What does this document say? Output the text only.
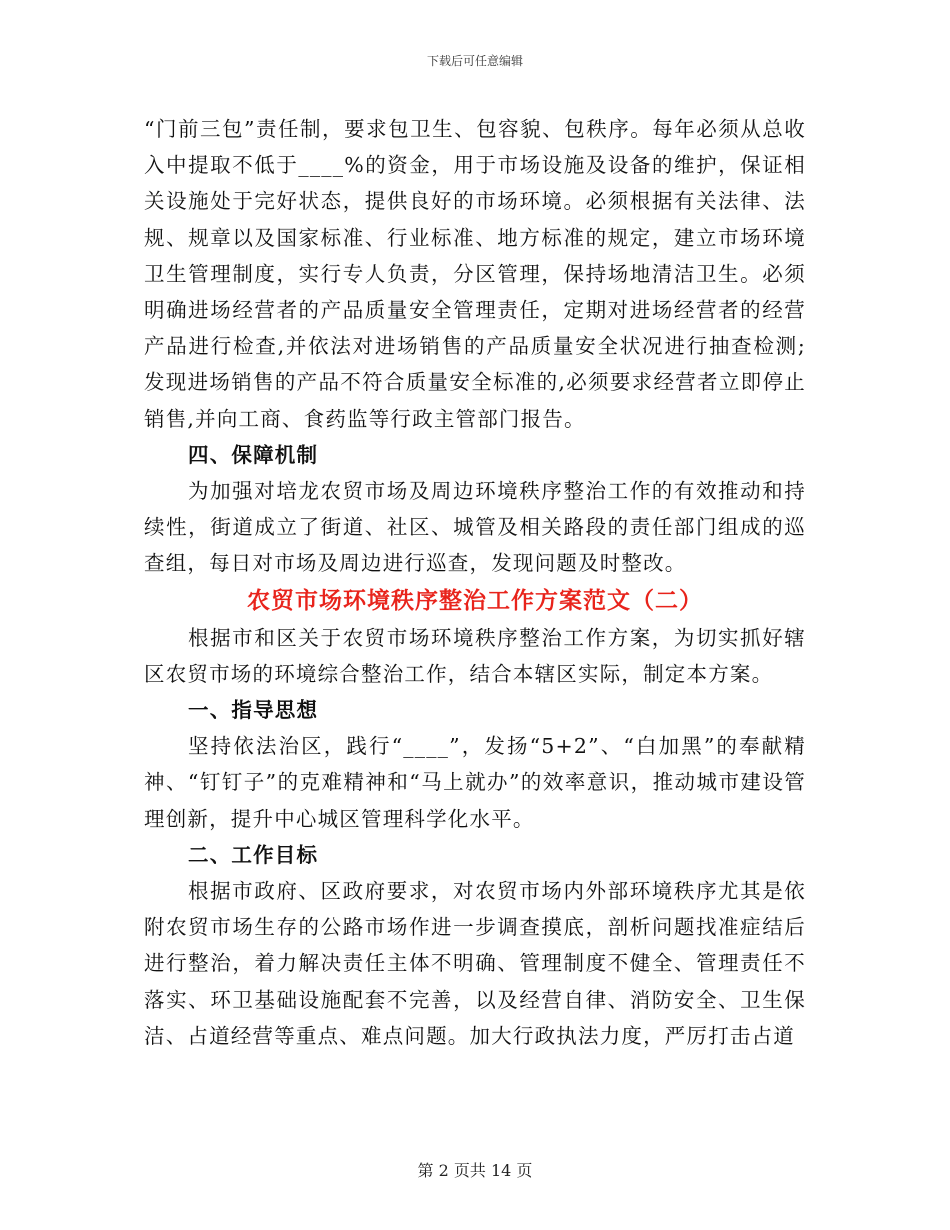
下载后可任意编辑

“门前三包”责任制，要求包卫生、包容貌、包秩序。每年必须从总收入中提取不低于____%的资金，用于市场设施及设备的维护，保证相关设施处于完好状态，提供良好的市场环境。必须根据有关法律、法规、规章以及国家标准、行业标准、地方标准的规定，建立市场环境卫生管理制度，实行专人负责，分区管理，保持场地清洁卫生。必须明确进场经营者的产品质量安全管理责任，定期对进场经营者的经营产品进行检查,并依法对进场销售的产品质量安全状况进行抽查检测;发现进场销售的产品不符合质量安全标准的,必须要求经营者立即停止销售,并向工商、食药监等行政主管部门报告。

四、保障机制

为加强对培龙农贸市场及周边环境秩序整治工作的有效推动和持续性，街道成立了街道、社区、城管及相关路段的责任部门组成的巡查组，每日对市场及周边进行巡查，发现问题及时整改。

农贸市场环境秩序整治工作方案范文（二）

根据市和区关于农贸市场环境秩序整治工作方案，为切实抓好辖区农贸市场的环境综合整治工作，结合本辖区实际，制定本方案。

一、指导思想

坚持依法治区，践行“____”，发扬“5+2”、“白加黑”的奉献精神、“钉钉子”的克难精神和“马上就办”的效率意识，推动城市建设管理创新，提升中心城区管理科学化水平。

二、工作目标

根据市政府、区政府要求，对农贸市场内外部环境秩序尤其是依附农贸市场生存的公路市场作进一步调查摸底，剖析问题找准症结后进行整治，着力解决责任主体不明确、管理制度不健全、管理责任不落实、环卫基础设施配套不完善，以及经营自律、消防安全、卫生保洁、占道经营等重点、难点问题。加大行政执法力度，严厉打击占道

第 2 页共 14 页
